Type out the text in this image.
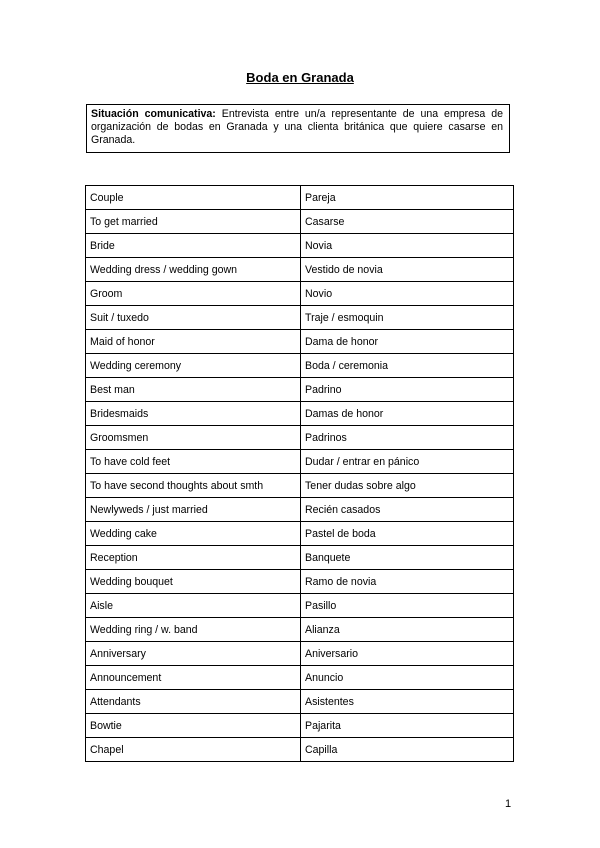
Boda en Granada
Situación comunicativa: Entrevista entre un/a representante de una empresa de organización de bodas en Granada y una clienta británica que quiere casarse en Granada.
Couple	Pareja
To get married	Casarse
Bride	Novia
Wedding dress / wedding gown	Vestido de novia
Groom	Novio
Suit / tuxedo	Traje / esmoquin
Maid of honor	Dama de honor
Wedding ceremony	Boda / ceremonia
Best man	Padrino
Bridesmaids	Damas de honor
Groomsmen	Padrinos
To have cold feet	Dudar / entrar en pánico
To have second thoughts about smth	Tener dudas sobre algo
Newlyweds / just married	Recién casados
Wedding cake	Pastel de boda
Reception	Banquete
Wedding bouquet	Ramo de novia
Aisle	Pasillo
Wedding ring / w. band	Alianza
Anniversary	Aniversario
Announcement	Anuncio
Attendants	Asistentes
Bowtie	Pajarita
Chapel	Capilla
1
